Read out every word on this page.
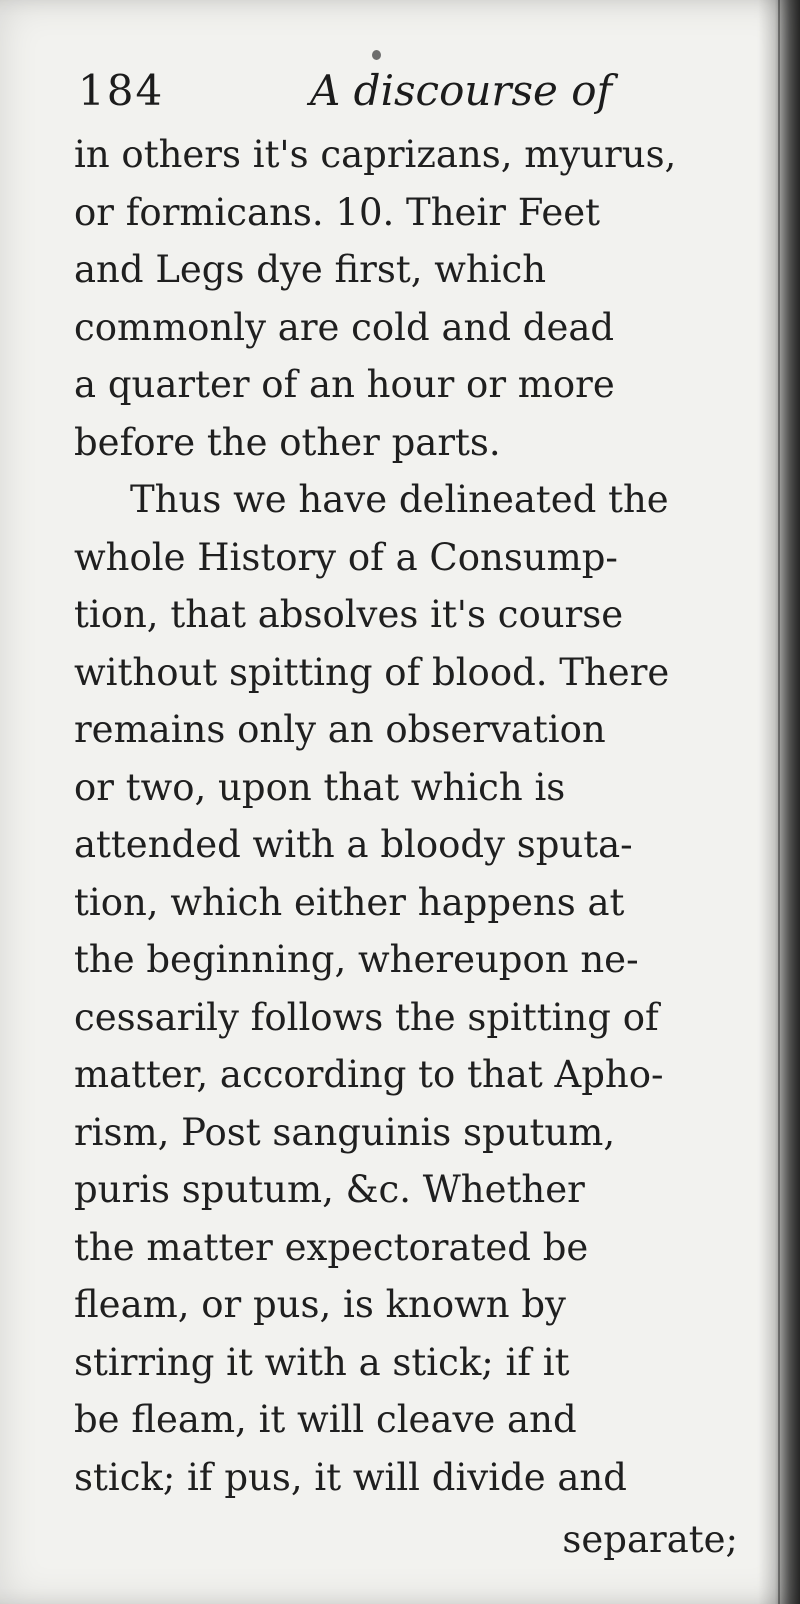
184	A discourse of
in others it's caprizans, myurus,
or formicans. 10. Their Feet
and Legs dye first, which
commonly are cold and dead
a quarter of an hour or more
before the other parts.
Thus we have delineated the
whole History of a Consump-
tion, that absolves it's course
without spitting of blood. There
remains only an observation
or two, upon that which is
attended with a bloody sputa-
tion, which either happens at
the beginning, whereupon ne-
cessarily follows the spitting of
matter, according to that Apho-
rism, Post sanguinis sputum,
puris sputum, &c. Whether
the matter expectorated be
fleam, or pus, is known by
stirring it with a stick; if it
be fleam, it will cleave and
stick; if pus, it will divide and
separate;
